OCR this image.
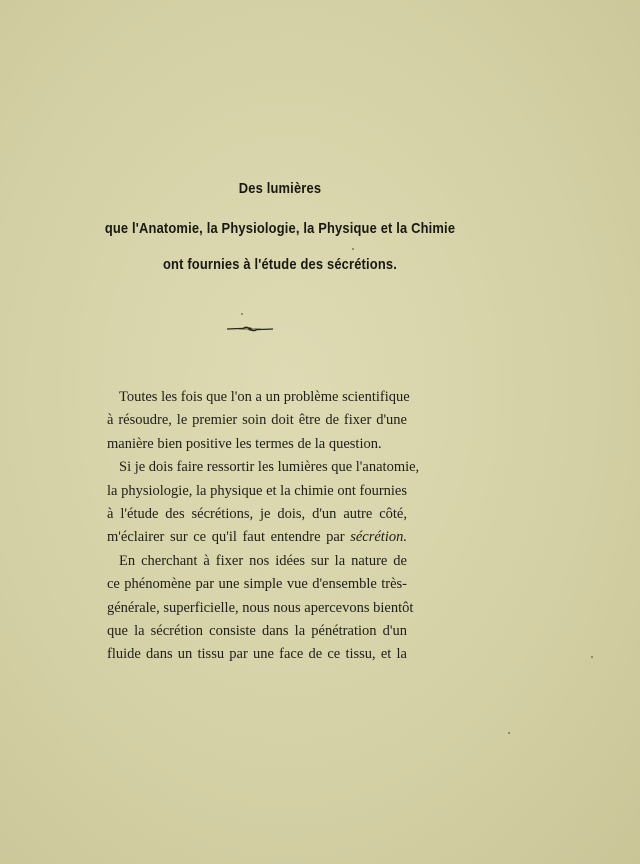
Des lumières
que l'Anatomie, la Physiologie, la Physique et la Chimie
ont fournies à l'étude des sécrétions.
Toutes les fois que l'on a un problème scientifique
à résoudre, le premier soin doit être de fixer d'une
manière bien positive les termes de la question.
Si je dois faire ressortir les lumières que l'anatomie,
la physiologie, la physique et la chimie ont fournies
à l'étude des sécrétions, je dois, d'un autre côté,
m'éclairer sur ce qu'il faut entendre par sécrétion.
En cherchant à fixer nos idées sur la nature de
ce phénomène par une simple vue d'ensemble très-
générale, superficielle, nous nous apercevons bientôt
que la sécrétion consiste dans la pénétration d'un
fluide dans un tissu par une face de ce tissu, et la
